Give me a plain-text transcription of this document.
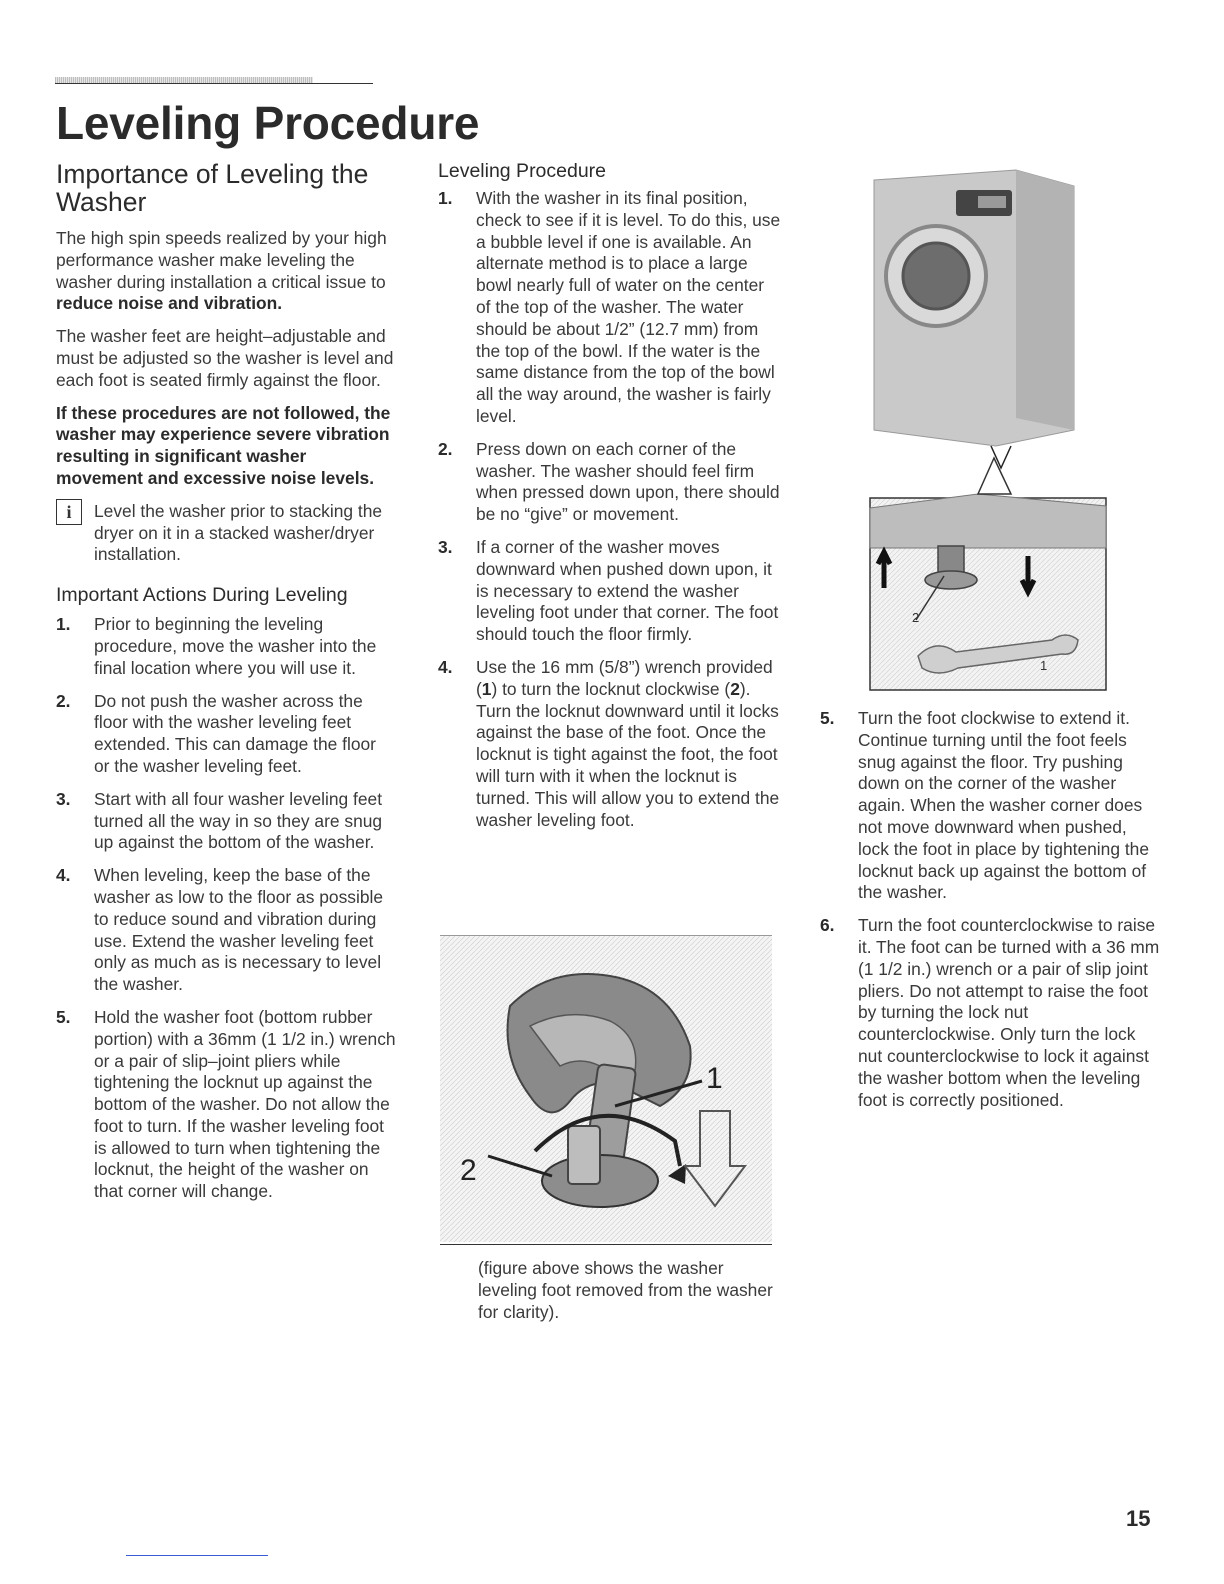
Leveling Procedure
Importance of Leveling the Washer

The high spin speeds realized by your high performance washer make leveling the washer during installation a critical issue to reduce noise and vibration.

The washer feet are height–adjustable and must be adjusted so the washer is level and each foot is seated firmly against the floor.

If these procedures are not followed, the washer may experience severe vibration resulting in significant washer movement and excessive noise levels.

i	Level the washer prior to stacking the dryer on it in a stacked washer/dryer installation.
Important Actions During Leveling
1.	Prior to beginning the leveling procedure, move the washer into the final location where you will use it.
2.	Do not push the washer across the floor with the washer leveling feet extended. This can damage the floor or the washer leveling feet.
3.	Start with all four washer leveling feet turned all the way in so they are snug up against the bottom of the washer.
4.	When leveling, keep the base of the washer as low to the floor as possible to reduce sound and vibration during use. Extend the washer leveling feet only as much as is necessary to level the washer.
5.	Hold the washer foot (bottom rubber portion) with a 36mm (1 1/2 in.) wrench or a pair of slip–joint pliers while tightening the locknut up against the bottom of the washer. Do not allow the foot to turn. If the washer leveling foot is allowed to turn when tightening the locknut, the height of the washer on that corner will change.
Leveling Procedure
1.	With the washer in its final position, check to see if it is level. To do this, use a bubble level if one is available. An alternate method is to place a large bowl nearly full of water on the center of the top of the washer. The water should be about 1/2” (12.7 mm) from the top of the bowl. If the water is the same distance from the top of the bowl all the way around, the washer is fairly level.
2.	Press down on each corner of the washer. The washer should feel firm when pressed down upon, there should be no “give” or movement.
3.	If a corner of the washer moves downward when pushed down upon, it is necessary to extend the washer leveling foot under that corner. The foot should touch the floor firmly.
4.	Use the 16 mm (5/8”) wrench provided (1) to turn the locknut clockwise (2). Turn the locknut downward until it locks against the base of the foot. Once the locknut is tight against the foot, the foot will turn with it when the locknut is turned. This will allow you to extend the washer leveling foot.
1
2
(figure above shows the washer leveling foot removed from the washer for clarity).
2
1
5.	Turn the foot clockwise to extend it. Continue turning until the foot feels snug against the floor. Try pushing down on the corner of the washer again. When the washer corner does not move downward when pushed, lock the foot in place by tightening the locknut back up against the bottom of the washer.
6.	Turn the foot counterclockwise to raise it. The foot can be turned with a 36 mm (1 1/2 in.) wrench or a pair of slip joint pliers. Do not attempt to raise the foot by turning the lock nut counterclockwise. Only turn the lock nut counterclockwise to lock it against the washer bottom when the leveling foot is correctly positioned.
15
